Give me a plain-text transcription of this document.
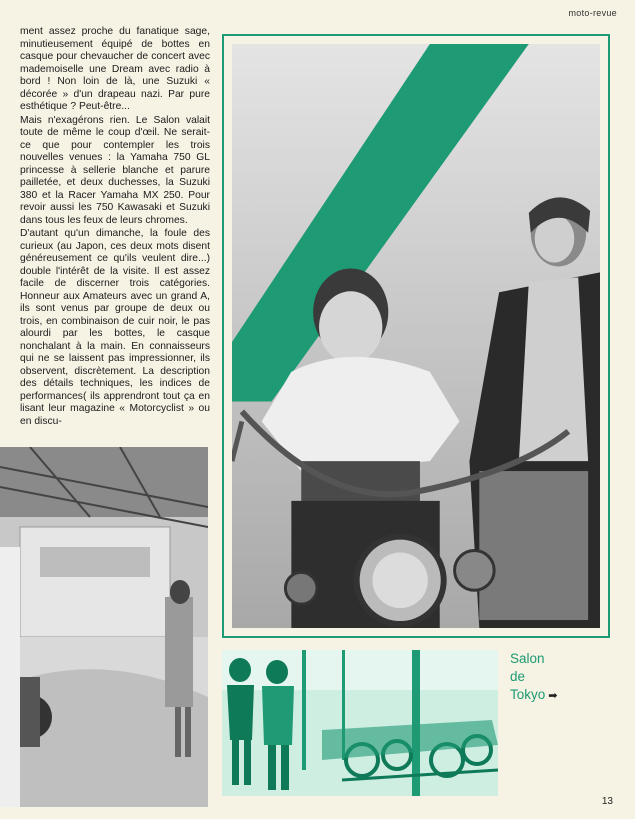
moto-revue

ment assez proche du fanatique sage, minutieusement équipé de bottes en casque pour chevaucher de concert avec mademoiselle une Dream avec radio à bord ! Non loin de là, une Suzuki « décorée » d'un drapeau nazi. Par pure esthétique ? Peut-être...

Mais n'exagérons rien. Le Salon valait toute de même le coup d'œil. Ne serait-ce que pour contempler les trois nouvelles venues : la Yamaha 750 GL princesse à sellerie blanche et parure pailletée, et deux duchesses, la Suzuki 380 et la Racer Yamaha MX 250. Pour revoir aussi les 750 Kawasaki et Suzuki dans tous les feux de leurs chromes.

D'autant qu'un dimanche, la foule des curieux (au Japon, ces deux mots disent généreusement ce qu'ils veulent dire...) double l'intérêt de la visite. Il est assez facile de discerner trois catégories. Honneur aux Amateurs avec un grand A, ils sont venus par groupe de deux ou trois, en combinaison de cuir noir, le pas alourdi par les bottes, le casque nonchalant à la main. En connaisseurs qui ne se laissent pas impressionner, ils observent, discrètement. La description des détails techniques, les indices de performances( ils apprendront tout ça en lisant leur magazine « Motorcyclist » ou en discu-

Salon
de
Tokyo ➡
13
